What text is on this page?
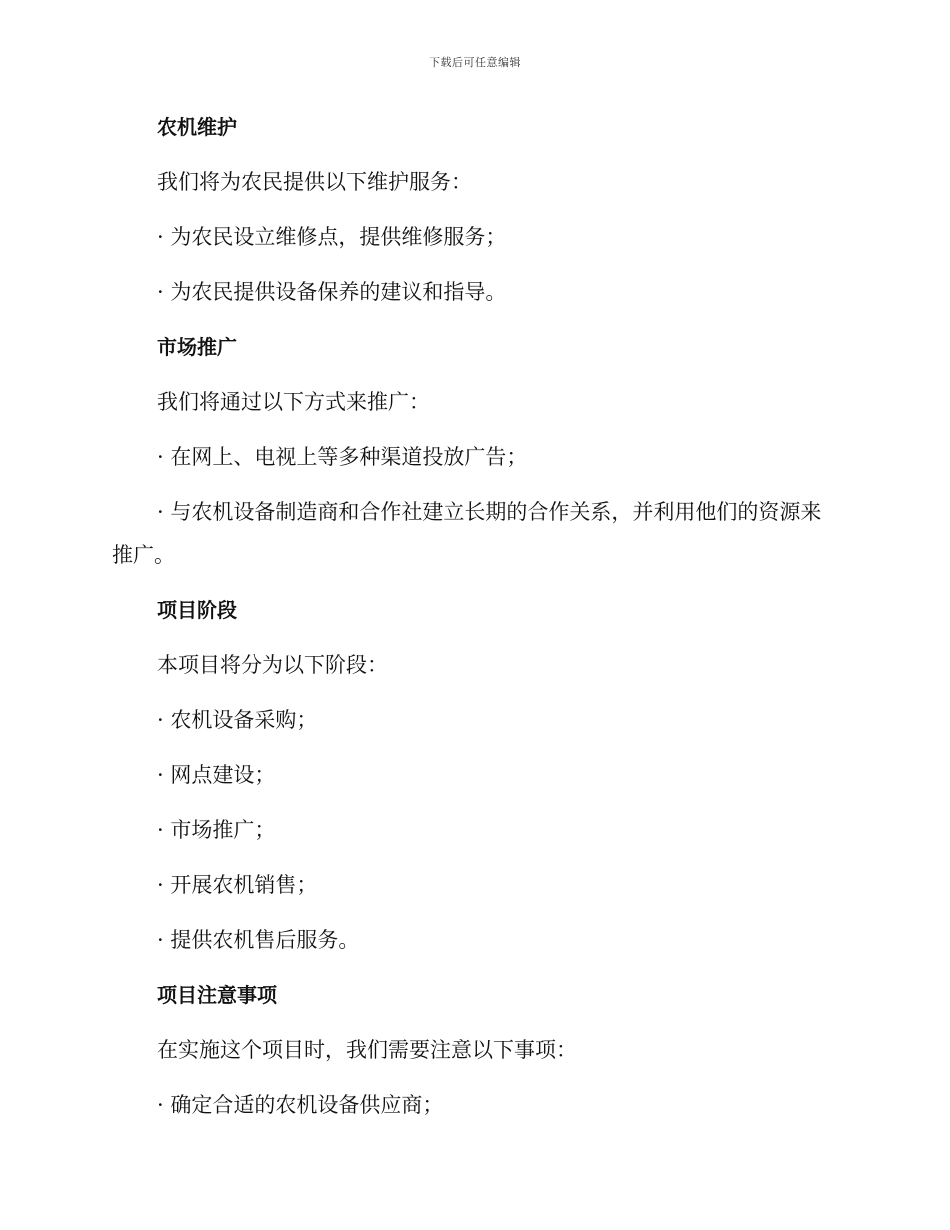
下载后可任意编辑
农机维护
我们将为农民提供以下维护服务：
· 为农民设立维修点，提供维修服务；
· 为农民提供设备保养的建议和指导。
市场推广
我们将通过以下方式来推广：
· 在网上、电视上等多种渠道投放广告；
· 与农机设备制造商和合作社建立长期的合作关系，并利用他们的资源来推广。
项目阶段
本项目将分为以下阶段：
· 农机设备采购；
· 网点建设；
· 市场推广；
· 开展农机销售；
· 提供农机售后服务。
项目注意事项
在实施这个项目时，我们需要注意以下事项：
· 确定合适的农机设备供应商；
